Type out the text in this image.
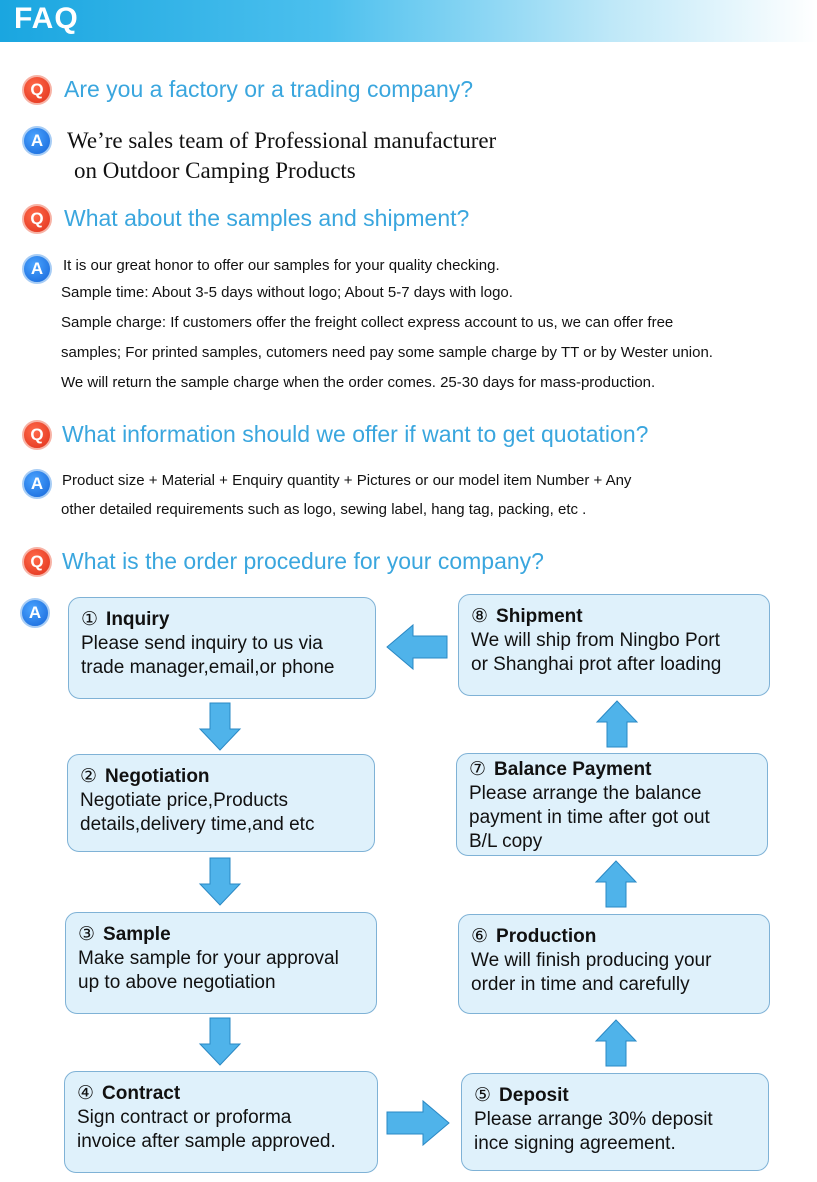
FAQ
Q Are you a factory or a trading company?
A	We’re sales team of Professional manufacturer
on Outdoor Camping Products
Q What about the samples and shipment?
A	It is our great honor to offer our samples for your quality checking.
Sample time: About 3-5 days without logo; About 5-7 days with logo.
Sample charge: If customers offer the freight collect express account to us, we can offer free
samples; For printed samples, cutomers need pay some sample charge by TT or by Wester union.
We will return the sample charge when the order comes. 25-30 days for mass-production.
Q What information should we offer if want to get quotation?
A	Product size + Material + Enquiry quantity + Pictures or our model item Number + Any
other detailed requirements such as logo, sewing label, hang tag, packing, etc .
Q What is the order procedure for your company?
A	① Inquiry
Please send inquiry to us via
trade manager,email,or phone
② Negotiation
Negotiate price,Products
details,delivery time,and etc
③ Sample
Make sample for your approval
up to above negotiation
④ Contract
Sign contract or proforma
invoice after sample approved.
⑤ Deposit
Please arrange 30% deposit
ince signing agreement.
⑥ Production
We will finish producing your
order in time and carefully
⑦ Balance Payment
Please arrange the balance
payment in time after got out
B/L copy
⑧ Shipment
We will ship from Ningbo Port
or Shanghai prot after loading
